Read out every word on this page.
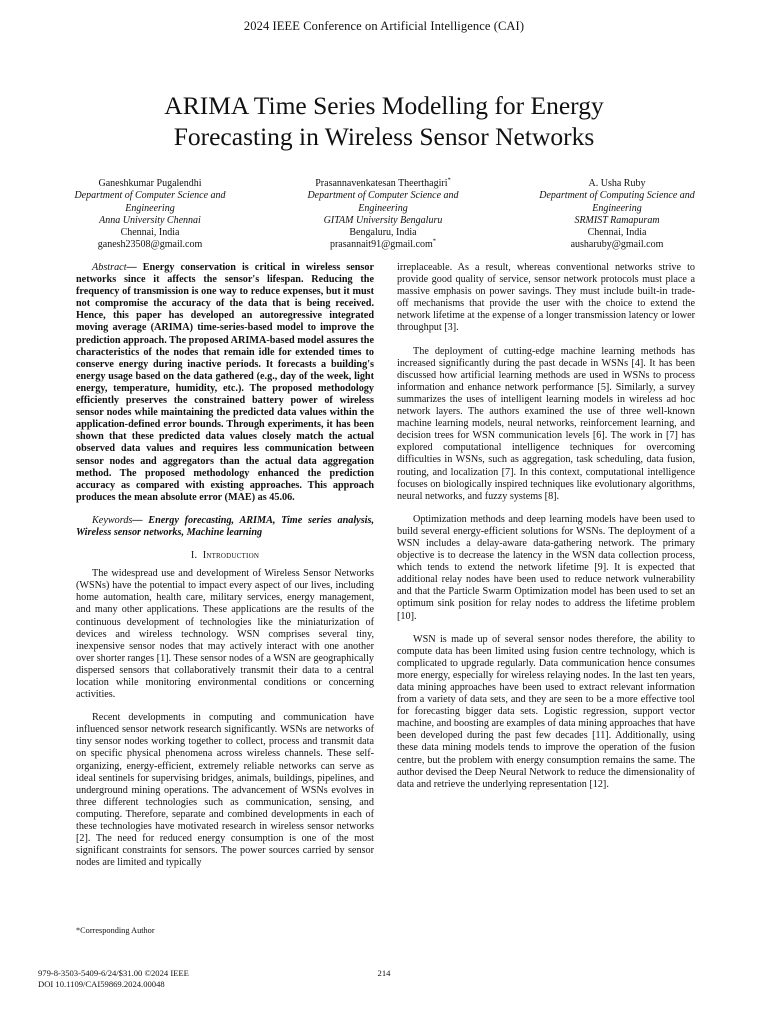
2024 IEEE Conference on Artificial Intelligence (CAI)
ARIMA Time Series Modelling for Energy
Forecasting in Wireless Sensor Networks
Ganeshkumar Pugalendhi
Department of Computer Science and
Engineering
Anna University Chennai
Chennai, India
ganesh23508@gmail.com
Prasannavenkatesan Theerthagiri*
Department of Computer Science and
Engineering
GITAM University Bengaluru
Bengaluru, India
prasannait91@gmail.com*
A. Usha Ruby
Department of Computing Science and
Engineering
SRMIST Ramapuram
Chennai, India
ausharuby@gmail.com

Abstract— Energy conservation is critical in wireless sensor networks since it affects the sensor's lifespan. Reducing the frequency of transmission is one way to reduce expenses, but it must not compromise the accuracy of the data that is being received. Hence, this paper has developed an autoregressive integrated moving average (ARIMA) time-series-based model to improve the prediction approach. The proposed ARIMA-based model assures the characteristics of the nodes that remain idle for extended times to conserve energy during inactive periods. It forecasts a building's energy usage based on the data gathered (e.g., day of the week, light energy, temperature, humidity, etc.). The proposed methodology efficiently preserves the constrained battery power of wireless sensor nodes while maintaining the predicted data values within the application-defined error bounds. Through experiments, it has been shown that these predicted data values closely match the actual observed data values and requires less communication between sensor nodes and aggregators than the actual data aggregation method. The proposed methodology enhanced the prediction accuracy as compared with existing approaches. This approach produces the mean absolute error (MAE) as 45.06.

Keywords— Energy forecasting, ARIMA, Time series analysis, Wireless sensor networks, Machine learning

I. Introduction

The widespread use and development of Wireless Sensor Networks (WSNs) have the potential to impact every aspect of our lives, including home automation, health care, military services, energy management, and many other applications. These applications are the results of the continuous development of technologies like the miniaturization of devices and wireless technology. WSN comprises several tiny, inexpensive sensor nodes that may actively interact with one another over shorter ranges [1]. These sensor nodes of a WSN are geographically dispersed sensors that collaboratively transmit their data to a central location while monitoring environmental conditions or concerning activities.

Recent developments in computing and communication have influenced sensor network research significantly. WSNs are networks of tiny sensor nodes working together to collect, process and transmit data on specific physical phenomena across wireless channels. These self-organizing, energy-efficient, extremely reliable networks can serve as ideal sentinels for supervising bridges, animals, buildings, pipelines, and underground mining operations. The advancement of WSNs evolves in three different technologies such as communication, sensing, and computing. Therefore, separate and combined developments in each of these technologies have motivated research in wireless sensor networks [2]. The need for reduced energy consumption is one of the most significant constraints for sensors. The power sources carried by sensor nodes are limited and typically

irreplaceable. As a result, whereas conventional networks strive to provide good quality of service, sensor network protocols must place a massive emphasis on power savings. They must include built-in trade-off mechanisms that provide the user with the choice to extend the network lifetime at the expense of a longer transmission latency or lower throughput [3].

The deployment of cutting-edge machine learning methods has increased significantly during the past decade in WSNs [4]. It has been discussed how artificial learning methods are used in WSNs to process information and enhance network performance [5]. Similarly, a survey summarizes the uses of intelligent learning models in wireless ad hoc network layers. The authors examined the use of three well-known machine learning models, neural networks, reinforcement learning, and decision trees for WSN communication levels [6]. The work in [7] has explored computational intelligence techniques for overcoming difficulties in WSNs, such as aggregation, task scheduling, data fusion, routing, and localization [7]. In this context, computational intelligence focuses on biologically inspired techniques like evolutionary algorithms, neural networks, and fuzzy systems [8].

Optimization methods and deep learning models have been used to build several energy-efficient solutions for WSNs. The deployment of a WSN includes a delay-aware data-gathering network. The primary objective is to decrease the latency in the WSN data collection process, which tends to extend the network lifetime [9]. It is expected that additional relay nodes have been used to reduce network vulnerability and that the Particle Swarm Optimization model has been used to set an optimum sink position for relay nodes to address the lifetime problem [10].

WSN is made up of several sensor nodes therefore, the ability to compute data has been limited using fusion centre technology, which is complicated to upgrade regularly. Data communication hence consumes more energy, especially for wireless relaying nodes. In the last ten years, data mining approaches have been used to extract relevant information from a variety of data sets, and they are seen to be a more effective tool for forecasting bigger data sets. Logistic regression, support vector machine, and boosting are examples of data mining approaches that have been developed during the past few decades [11]. Additionally, using these data mining models tends to improve the operation of the fusion centre, but the problem with energy consumption remains the same. The author devised the Deep Neural Network to reduce the dimensionality of data and retrieve the underlying representation [12].

*Corresponding Author
979-8-3503-5409-6/24/$31.00 ©2024 IEEE
DOI 10.1109/CAI59869.2024.00048
214
